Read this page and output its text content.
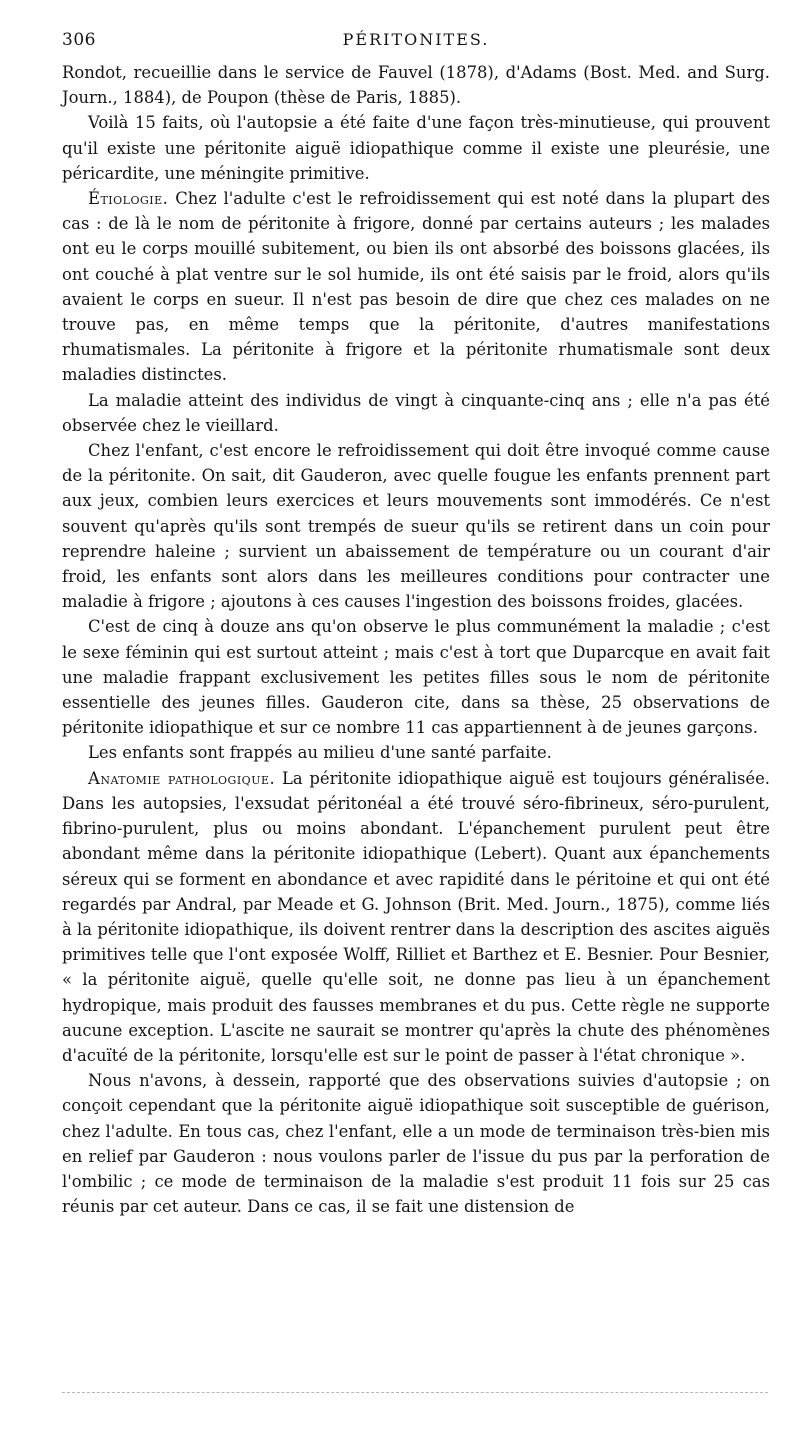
306	PÉRITONITES.

Rondot, recueillie dans le service de Fauvel (1878), d'Adams (Bost. Med. and Surg. Journ., 1884), de Poupon (thèse de Paris, 1885).

Voilà 15 faits, où l'autopsie a été faite d'une façon très-minutieuse, qui prouvent qu'il existe une péritonite aiguë idiopathique comme il existe une pleurésie, une péricardite, une méningite primitive.

Étiologie. Chez l'adulte c'est le refroidissement qui est noté dans la plupart des cas : de là le nom de péritonite à frigore, donné par certains auteurs ; les malades ont eu le corps mouillé subitement, ou bien ils ont absorbé des boissons glacées, ils ont couché à plat ventre sur le sol humide, ils ont été saisis par le froid, alors qu'ils avaient le corps en sueur. Il n'est pas besoin de dire que chez ces malades on ne trouve pas, en même temps que la péritonite, d'autres manifestations rhumatismales. La péritonite à frigore et la péritonite rhumatismale sont deux maladies distinctes.

La maladie atteint des individus de vingt à cinquante-cinq ans ; elle n'a pas été observée chez le vieillard.

Chez l'enfant, c'est encore le refroidissement qui doit être invoqué comme cause de la péritonite. On sait, dit Gauderon, avec quelle fougue les enfants prennent part aux jeux, combien leurs exercices et leurs mouvements sont immodérés. Ce n'est souvent qu'après qu'ils sont trempés de sueur qu'ils se retirent dans un coin pour reprendre haleine ; survient un abaissement de température ou un courant d'air froid, les enfants sont alors dans les meilleures conditions pour contracter une maladie à frigore ; ajoutons à ces causes l'ingestion des boissons froides, glacées.

C'est de cinq à douze ans qu'on observe le plus communément la maladie ; c'est le sexe féminin qui est surtout atteint ; mais c'est à tort que Duparcque en avait fait une maladie frappant exclusivement les petites filles sous le nom de péritonite essentielle des jeunes filles. Gauderon cite, dans sa thèse, 25 observations de péritonite idiopathique et sur ce nombre 11 cas appartiennent à de jeunes garçons.

Les enfants sont frappés au milieu d'une santé parfaite.

Anatomie pathologique. La péritonite idiopathique aiguë est toujours généralisée. Dans les autopsies, l'exsudat péritonéal a été trouvé séro-fibrineux, séro-purulent, fibrino-purulent, plus ou moins abondant. L'épanchement purulent peut être abondant même dans la péritonite idiopathique (Lebert). Quant aux épanchements séreux qui se forment en abondance et avec rapidité dans le péritoine et qui ont été regardés par Andral, par Meade et G. Johnson (Brit. Med. Journ., 1875), comme liés à la péritonite idiopathique, ils doivent rentrer dans la description des ascites aiguës primitives telle que l'ont exposée Wolff, Rilliet et Barthez et E. Besnier. Pour Besnier, « la péritonite aiguë, quelle qu'elle soit, ne donne pas lieu à un épanchement hydropique, mais produit des fausses membranes et du pus. Cette règle ne supporte aucune exception. L'ascite ne saurait se montrer qu'après la chute des phénomènes d'acuïté de la péritonite, lorsqu'elle est sur le point de passer à l'état chronique ».

Nous n'avons, à dessein, rapporté que des observations suivies d'autopsie ; on conçoit cependant que la péritonite aiguë idiopathique soit susceptible de guérison, chez l'adulte. En tous cas, chez l'enfant, elle a un mode de terminaison très-bien mis en relief par Gauderon : nous voulons parler de l'issue du pus par la perforation de l'ombilic ; ce mode de terminaison de la maladie s'est produit 11 fois sur 25 cas réunis par cet auteur. Dans ce cas, il se fait une distension de
